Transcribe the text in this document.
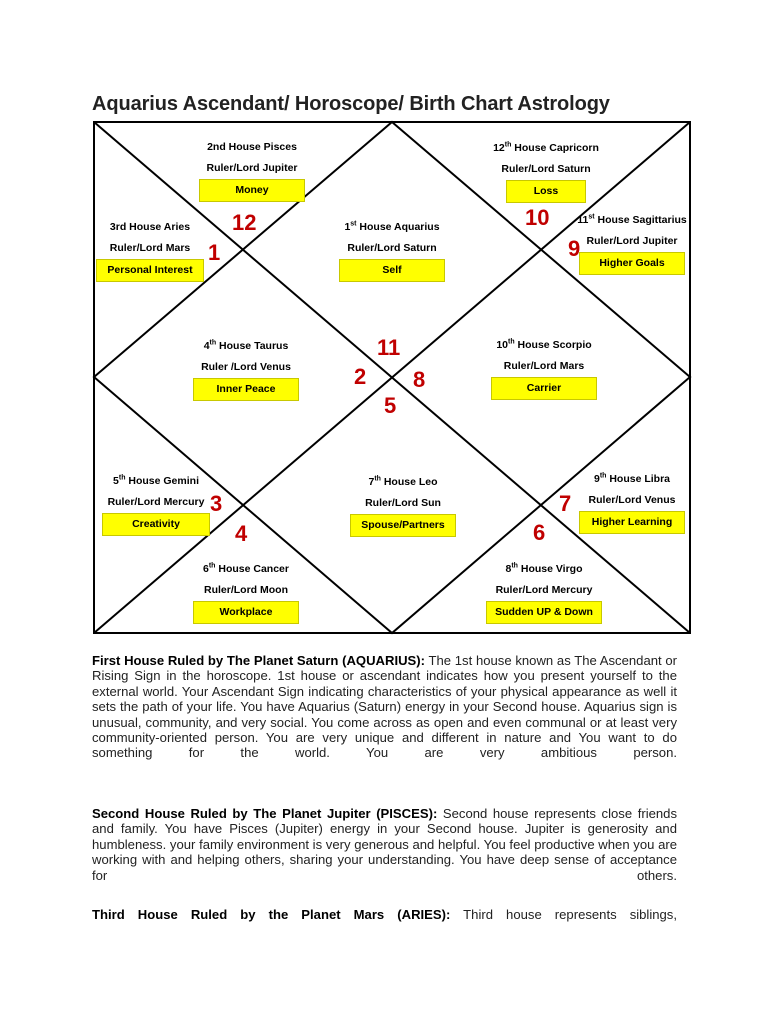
Aquarius Ascendant/ Horoscope/ Birth Chart Astrology
1st House Aquarius
Ruler/Lord Saturn
Self
2nd House Pisces
Ruler/Lord Jupiter
Money
3rd House Aries
Ruler/Lord Mars
Personal Interest
4th House Taurus
Ruler /Lord Venus
Inner Peace
5th House Gemini
Ruler/Lord Mercury
Creativity
6th House Cancer
Ruler/Lord Moon
Workplace
7th House Leo
Ruler/Lord Sun
Spouse/Partners
8th House Virgo
Ruler/Lord Mercury
Sudden UP & Down
9th House Libra
Ruler/Lord Venus
Higher Learning
10th House Scorpio
Ruler/Lord Mars
Carrier
11st House Sagittarius
Ruler/Lord Jupiter
Higher Goals
12th House Capricorn
Ruler/Lord Saturn
Loss
12
1
10
9
11
2 8
5
3
4
7
6

First House Ruled by The Planet Saturn (AQUARIUS): The 1st house known as The Ascendant or Rising Sign in the horoscope. 1st house or ascendant indicates how you present yourself to the external world. Your Ascendant Sign indicating characteristics of your physical appearance as well it sets the path of your life. You have Aquarius (Saturn) energy in your Second house. Aquarius sign is unusual, community, and very social. You come across as open and even communal or at least very community-oriented person. You are very unique and different in nature and You want to do something for the world. You are very ambitious person.

Second House Ruled by The Planet Jupiter (PISCES): Second house represents close friends and family. You have Pisces (Jupiter) energy in your Second house. Jupiter is generosity and humbleness. your family environment is very generous and helpful. You feel productive when you are working with and helping others, sharing your understanding. You have deep sense of acceptance for others.

Third House Ruled by the Planet Mars (ARIES): Third house represents siblings,
